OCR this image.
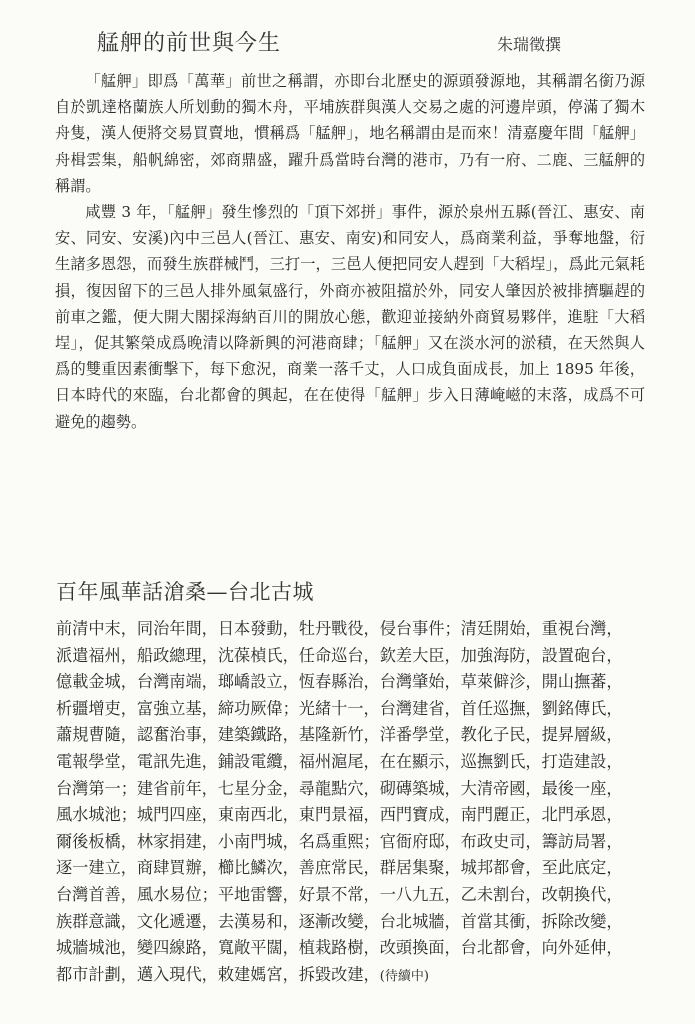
艋舺的前世與今生	朱瑞徵撰

「艋舺」即爲「萬華」前世之稱謂，亦即台北歷史的源頭發源地，其稱謂名銜乃源自於凱達格蘭族人所划動的獨木舟，平埔族群與漢人交易之處的河邊岸頭，停滿了獨木舟隻，漢人便將交易買賣地，慣稱爲「艋舺」，地名稱謂由是而來！清嘉慶年間「艋舺」舟楫雲集，船帆綿密，郊商鼎盛，躍升爲當時台灣的港市，乃有一府、二鹿、三艋舺的稱謂。

咸豐 3 年，「艋舺」發生慘烈的「頂下郊拼」事件，源於泉州五縣(晉江、惠安、南安、同安、安溪)內中三邑人(晉江、惠安、南安)和同安人，爲商業利益，爭奪地盤，衍生諸多恩怨，而發生族群械鬥，三打一，三邑人便把同安人趕到「大稻埕」，爲此元氣耗損，復因留下的三邑人排外風氣盛行，外商亦被阻擋於外，同安人肇因於被排擠驅趕的前車之鑑，便大開大閣採海納百川的開放心態，歡迎並接納外商貿易夥伴，進駐「大稻埕」，促其繁榮成爲晚清以降新興的河港商肆；「艋舺」又在淡水河的淤積，在天然與人爲的雙重因素衝擊下，每下愈況，商業一落千丈，人口成負面成長，加上 1895 年後，日本時代的來臨，台北都會的興起，在在使得「艋舺」步入日薄崦嵫的末落，成爲不可避免的趨勢。

百年風華話滄桑—台北古城
前清中末，同治年間，日本發動，牡丹戰役，侵台事件；清廷開始，重視台灣，
派遣福州，船政總理，沈葆楨氏，任命巡台，欽差大臣，加強海防，設置砲台，
億載金城，台灣南端，瑯嶠設立，恆春縣治，台灣肇始，草萊僻沴，開山撫蕃，
析疆增吏，富強立基，締功厥偉；光緒十一，台灣建省，首任巡撫，劉銘傳氏，
蕭規曹隨，認奮治事，建築鐵路，基隆新竹，洋番學堂，教化子民，提昇層級，
電報學堂，電訊先進，鋪設電纜，福州滬尾，在在顯示，巡撫劉氏，打造建設，
台灣第一；建省前年，七星分金，尋龍點穴，砌磚築城，大清帝國，最後一座，
風水城池；城門四座，東南西北，東門景福，西門寶成，南門麗正，北門承恩，
爾後板橋，林家捐建，小南門城，名爲重熙；官衙府邸，布政史司，籌訪局署，
逐一建立，商肆買辦，櫛比鱗次，善庶常民，群居集聚，城邦都會，至此底定，
台灣首善，風水易位；平地雷響，好景不常，一八九五，乙未割台，改朝換代，
族群意識，文化遞遷，去漢易和，逐漸改變，台北城牆，首當其衝，拆除改變，
城牆城池，變四線路，寬敞平闊，植栽路樹，改頭換面，台北都會，向外延伸，
都市計劃，邁入現代，敕建媽宮，拆毀改建，(待續中)
